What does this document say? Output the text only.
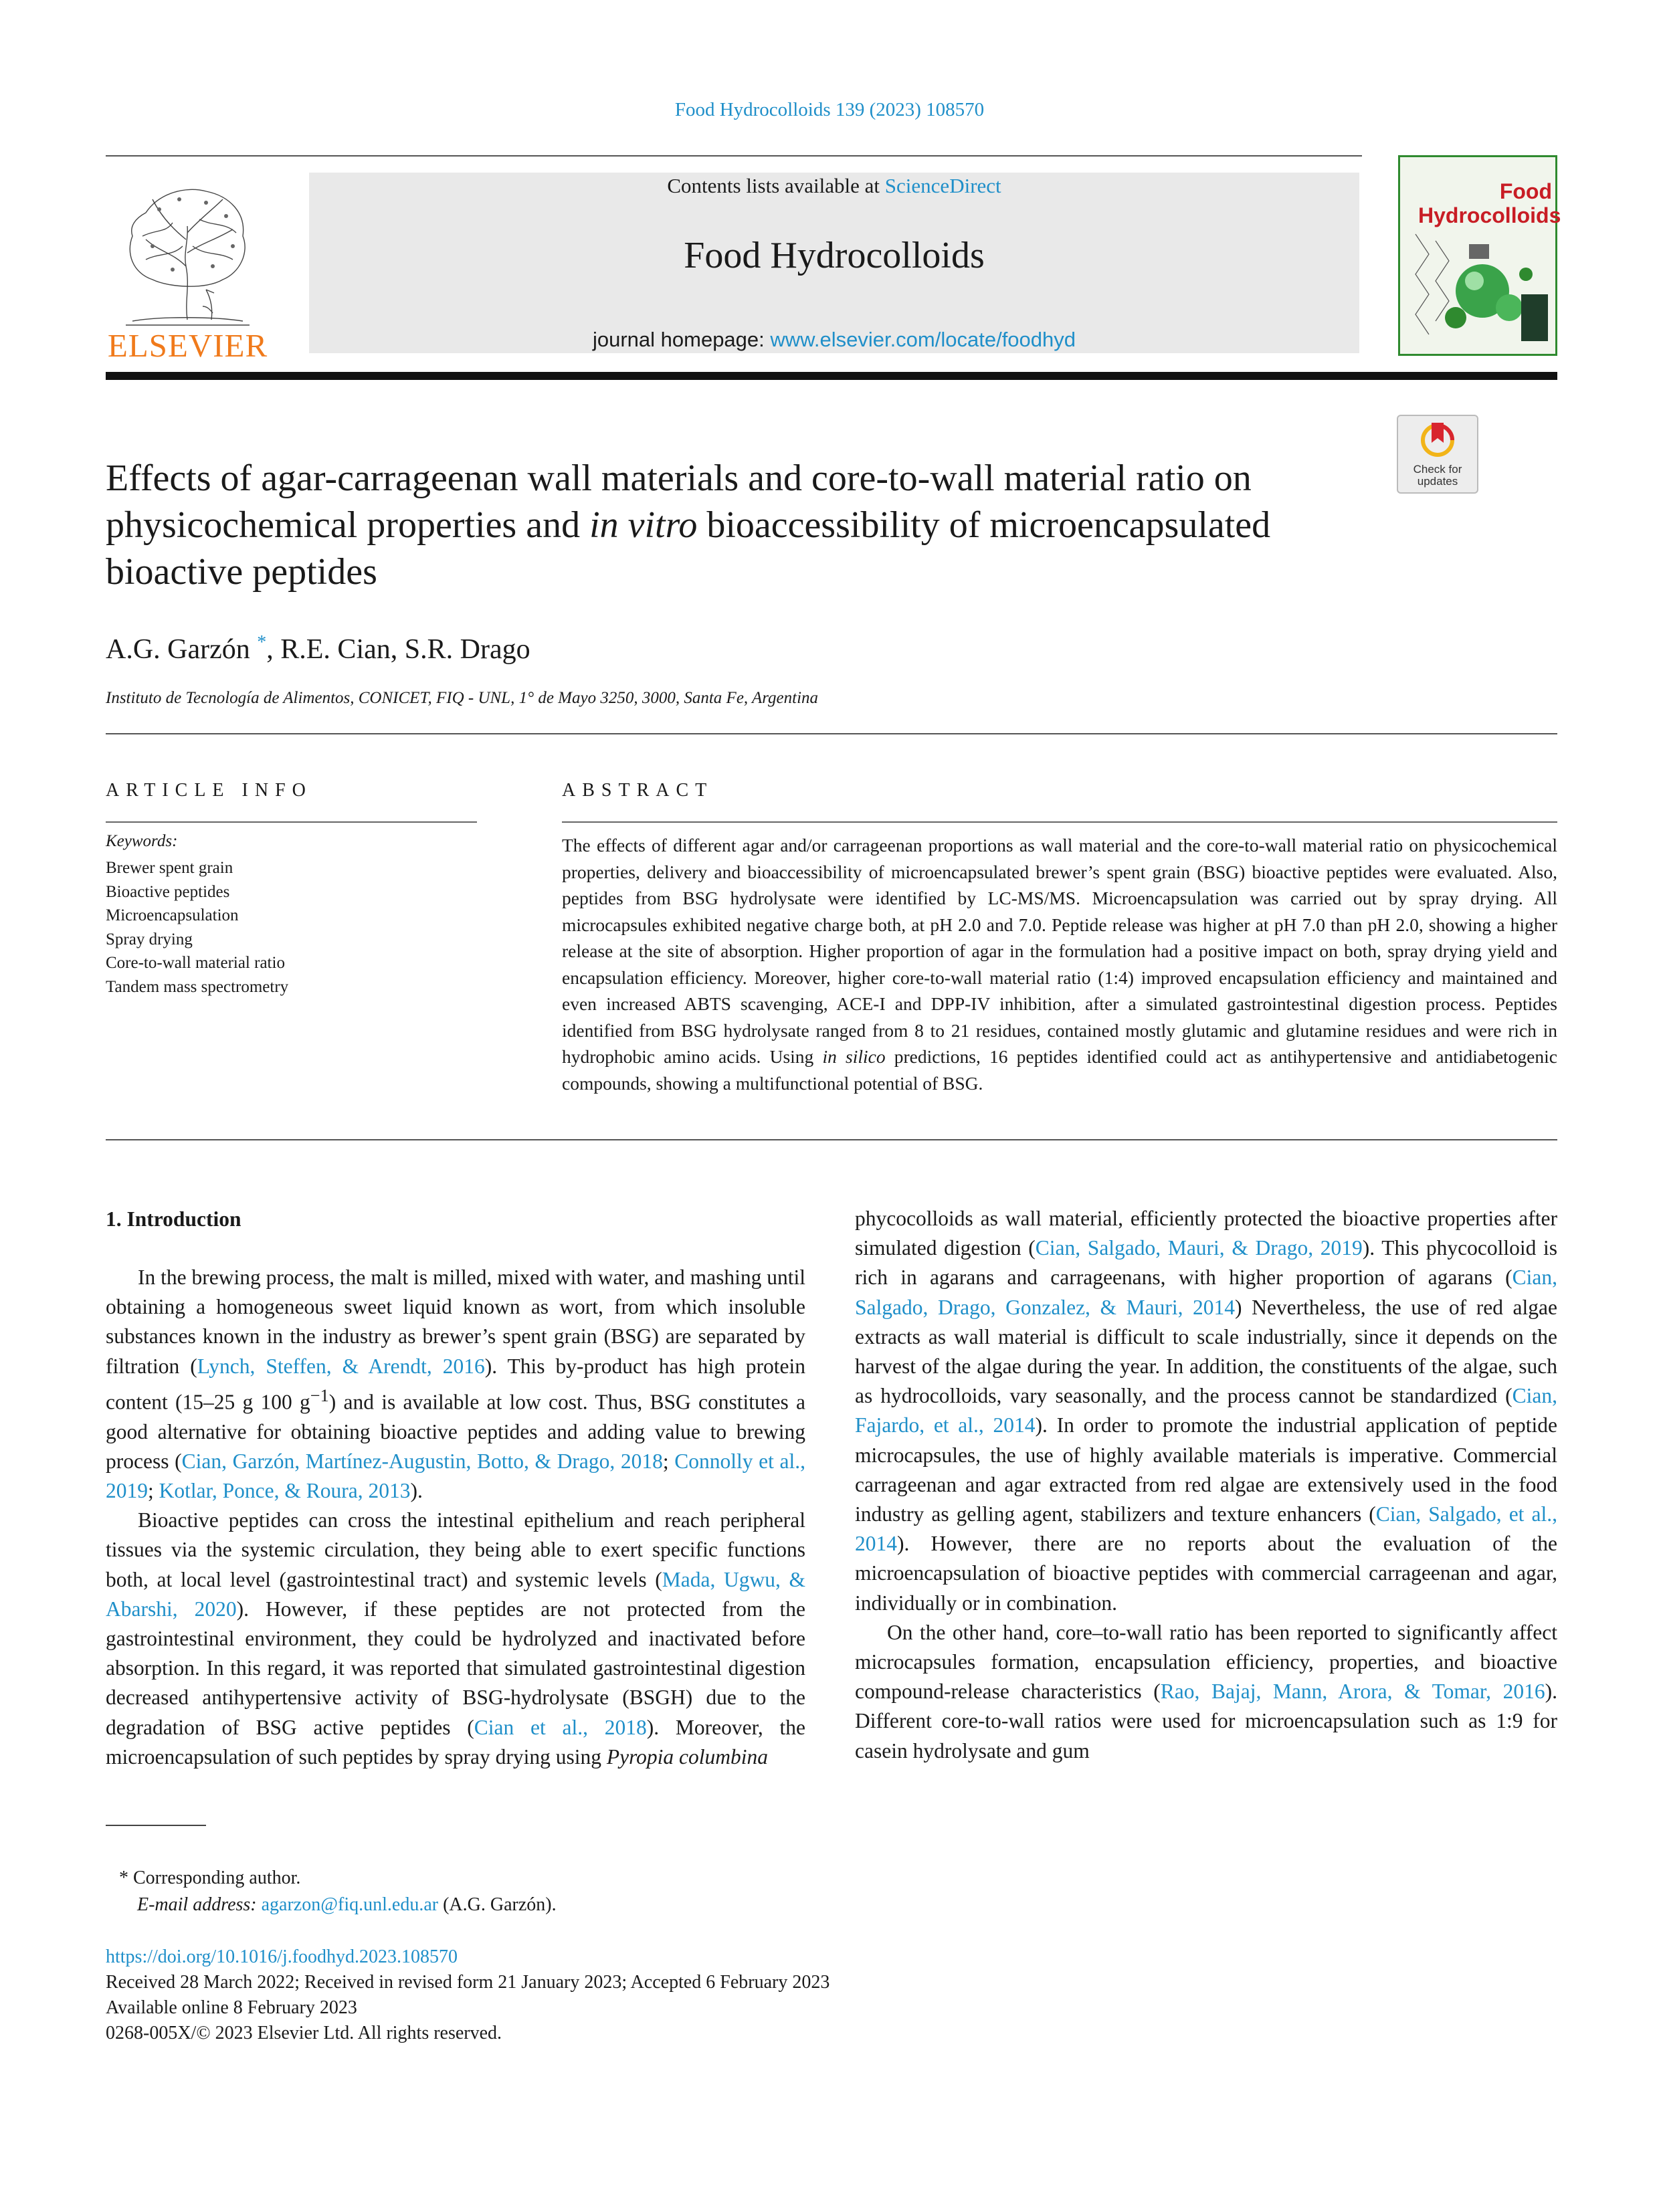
Food Hydrocolloids 139 (2023) 108570
ELSEVIER
Contents lists available at ScienceDirect
Food Hydrocolloids
journal homepage: www.elsevier.com/locate/foodhyd
Food Hydrocolloids
Check for updates
Effects of agar-carrageenan wall materials and core-to-wall material ratio on physicochemical properties and in vitro bioaccessibility of microencapsulated bioactive peptides
A.G. Garzón *, R.E. Cian, S.R. Drago
Instituto de Tecnología de Alimentos, CONICET, FIQ - UNL, 1° de Mayo 3250, 3000, Santa Fe, Argentina
ARTICLE INFO
Keywords:
Brewer spent grain
Bioactive peptides
Microencapsulation
Spray drying
Core-to-wall material ratio
Tandem mass spectrometry
ABSTRACT
The effects of different agar and/or carrageenan proportions as wall material and the core-to-wall material ratio on physicochemical properties, delivery and bioaccessibility of microencapsulated brewer’s spent grain (BSG) bioactive peptides were evaluated. Also, peptides from BSG hydrolysate were identified by LC-MS/MS. Microencapsulation was carried out by spray drying. All microcapsules exhibited negative charge both, at pH 2.0 and 7.0. Peptide release was higher at pH 7.0 than pH 2.0, showing a higher release at the site of absorption. Higher proportion of agar in the formulation had a positive impact on both, spray drying yield and encapsulation efficiency. Moreover, higher core-to-wall material ratio (1:4) improved encapsulation efficiency and maintained and even increased ABTS scavenging, ACE-I and DPP-IV inhibition, after a simulated gastrointestinal digestion process. Peptides identified from BSG hydrolysate ranged from 8 to 21 residues, contained mostly glutamic and glutamine residues and were rich in hydrophobic amino acids. Using in silico predictions, 16 peptides identified could act as antihypertensive and antidiabetogenic compounds, showing a multifunctional potential of BSG.
1. Introduction

In the brewing process, the malt is milled, mixed with water, and mashing until obtaining a homogeneous sweet liquid known as wort, from which insoluble substances known in the industry as brewer’s spent grain (BSG) are separated by filtration (Lynch, Steffen, & Arendt, 2016). This by-product has high protein content (15–25 g 100 $g^{-1}$) and is available at low cost. Thus, BSG constitutes a good alternative for obtaining bioactive peptides and adding value to brewing process (Cian, Garzón, Martínez-Augustin, Botto, & Drago, 2018; Connolly et al., 2019; Kotlar, Ponce, & Roura, 2013).

Bioactive peptides can cross the intestinal epithelium and reach peripheral tissues via the systemic circulation, they being able to exert specific functions both, at local level (gastrointestinal tract) and systemic levels (Mada, Ugwu, & Abarshi, 2020). However, if these peptides are not protected from the gastrointestinal environment, they could be hydrolyzed and inactivated before absorption. In this regard, it was reported that simulated gastrointestinal digestion decreased antihypertensive activity of BSG-hydrolysate (BSGH) due to the degradation of BSG active peptides (Cian et al., 2018). Moreover, the microencapsulation of such peptides by spray drying using Pyropia columbina

phycocolloids as wall material, efficiently protected the bioactive properties after simulated digestion (Cian, Salgado, Mauri, & Drago, 2019). This phycocolloid is rich in agarans and carrageenans, with higher proportion of agarans (Cian, Salgado, Drago, Gonzalez, & Mauri, 2014) Nevertheless, the use of red algae extracts as wall material is difficult to scale industrially, since it depends on the harvest of the algae during the year. In addition, the constituents of the algae, such as hydrocolloids, vary seasonally, and the process cannot be standardized (Cian, Fajardo, et al., 2014). In order to promote the industrial application of peptide microcapsules, the use of highly available materials is imperative. Commercial carrageenan and agar extracted from red algae are extensively used in the food industry as gelling agent, stabilizers and texture enhancers (Cian, Salgado, et al., 2014). However, there are no reports about the evaluation of the microencapsulation of bioactive peptides with commercial carrageenan and agar, individually or in combination.

On the other hand, core–to-wall ratio has been reported to significantly affect microcapsules formation, encapsulation efficiency, properties, and bioactive compound-release characteristics (Rao, Bajaj, Mann, Arora, & Tomar, 2016). Different core-to-wall ratios were used for microencapsulation such as 1:9 for casein hydrolysate and gum

* Corresponding author.
E-mail address: agarzon@fiq.unl.edu.ar (A.G. Garzón).
https://doi.org/10.1016/j.foodhyd.2023.108570
Received 28 March 2022; Received in revised form 21 January 2023; Accepted 6 February 2023
Available online 8 February 2023
0268-005X/© 2023 Elsevier Ltd. All rights reserved.
